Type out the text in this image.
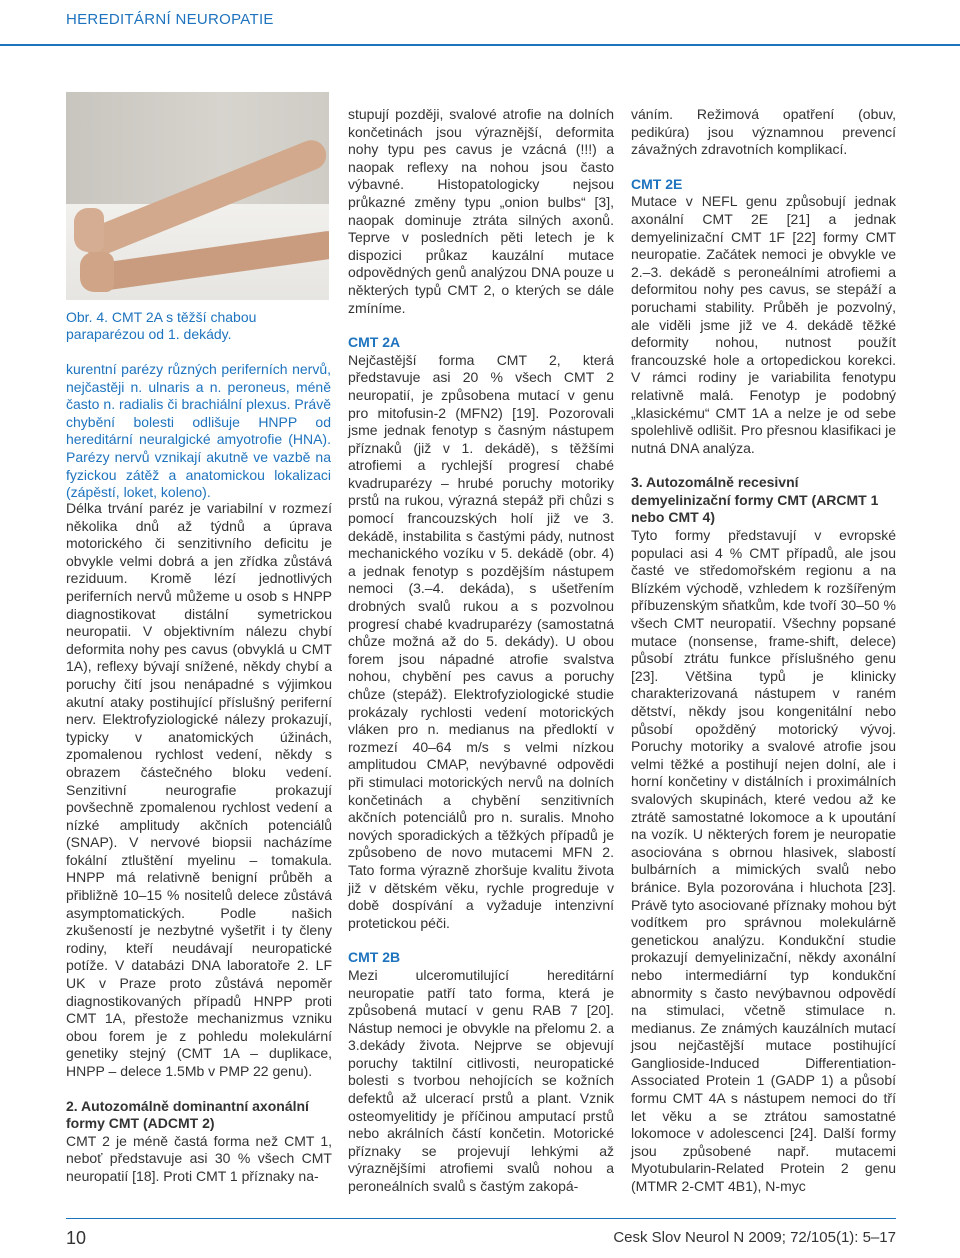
HEREDITÁRNÍ NEUROPATIE
Obr. 4. CMT 2A s těžší chabou paraparézou od 1. dekády.

kurentní parézy různých periferních nervů, nejčastěji n. ulnaris a n. peroneus, méně často n. radialis či brachiální plexus. Právě chybění bolesti odlišuje HNPP od hereditární neuralgické amyotrofie (HNA). Parézy nervů vznikají akutně ve vazbě na fyzickou zátěž a anatomickou lokalizaci (zápěstí, loket, koleno).

Délka trvání paréz je variabilní v rozmezí několika dnů až týdnů a úprava motorického či senzitivního deficitu je obvykle velmi dobrá a jen zřídka zůstává reziduum. Kromě lézí jednotlivých periferních nervů můžeme u osob s HNPP diagnostikovat distální symetrickou neuropatii. V objektivním nálezu chybí deformita nohy pes cavus (obvyklá u CMT 1A), reflexy bývají snížené, někdy chybí a poruchy čití jsou nenápadné s výjimkou akutní ataky postihující příslušný periferní nerv. Elektrofyziologické nálezy prokazují, typicky v anatomických úžinách, zpomalenou rychlost vedení, někdy s obrazem částečného bloku vedení. Senzitivní neurografie prokazují povšechně zpomalenou rychlost vedení a nízké amplitudy akčních potenciálů (SNAP). V nervové biopsii nacházíme fokální ztluštění myelinu – tomakula. HNPP má relativně benigní průběh a přibližně 10–15 % nositelů delece zůstává asymptomatických. Podle našich zkušeností je nezbytné vyšetřit i ty členy rodiny, kteří neudávají neuropatické potíže. V databázi DNA laboratoře 2. LF UK v Praze proto zůstává nepoměr diagnostikovaných případů HNPP proti CMT 1A, přestože mechanizmus vzniku obou forem je z pohledu molekulární genetiky stejný (CMT 1A – duplikace, HNPP – delece 1.5Mb v PMP 22 genu).

2. Autozomálně dominantní axonální formy CMT (ADCMT 2)

CMT 2 je méně častá forma než CMT 1, neboť představuje asi 30 % všech CMT neuropatií [18]. Proti CMT 1 příznaky na-

stupují později, svalové atrofie na dolních končetinách jsou výraznější, deformita nohy typu pes cavus je vzácná (!!!) a naopak reflexy na nohou jsou často výbavné. Histopatologicky nejsou průkazné změny typu „onion bulbs“ [3], naopak dominuje ztráta silných axonů. Teprve v posledních pěti letech je k dispozici průkaz kauzální mutace odpovědných genů analýzou DNA pouze u některých typů CMT 2, o kterých se dále zmíníme.

CMT 2A

Nejčastější forma CMT 2, která představuje asi 20 % všech CMT 2 neuropatií, je způsobena mutací v genu pro mitofusin-2 (MFN2) [19]. Pozorovali jsme jednak fenotyp s časným nástupem příznaků (již v 1. dekádě), s těžšími atrofiemi a rychlejší progresí chabé kvadruparézy – hrubé poruchy motoriky prstů na rukou, výrazná stepáž při chůzi s pomocí francouzských holí již ve 3. dekádě, instabilita s častými pády, nutnost mechanického vozíku v 5. dekádě (obr. 4) a jednak fenotyp s pozdějším nástupem nemoci (3.–4. dekáda), s ušetřením drobných svalů rukou a s pozvolnou progresí chabé kvadruparézy (samostatná chůze možná až do 5. dekády). U obou forem jsou nápadné atrofie svalstva nohou, chybění pes cavus a poruchy chůze (stepáž). Elektrofyziologické studie prokázaly rychlosti vedení motorických vláken pro n. medianus na předloktí v rozmezí 40–64 m/s s velmi nízkou amplitudou CMAP, nevýbavné odpovědi při stimulaci motorických nervů na dolních končetinách a chybění senzitivních akčních potenciálů pro n. suralis. Mnoho nových sporadických a těžkých případů je způsobeno de novo mutacemi MFN 2. Tato forma výrazně zhoršuje kvalitu života již v dětském věku, rychle progreduje v době dospívání a vyžaduje intenzivní protetickou péči.

CMT 2B

Mezi ulceromutilující hereditární neuropatie patří tato forma, která je způsobená mutací v genu RAB 7 [20]. Nástup nemoci je obvykle na přelomu 2. a 3.dekády života. Nejprve se objevují poruchy taktilní citlivosti, neuropatické bolesti s tvorbou nehojících se kožních defektů až ulcerací prstů a plant. Vznik osteomyelitidy je příčinou amputací prstů nebo akrálních částí končetin. Motorické příznaky se projevují lehkými až výraznějšími atrofiemi svalů nohou a peroneálních svalů s častým zakopá-

váním. Režimová opatření (obuv, pedikúra) jsou významnou prevencí závažných zdravotních komplikací.

CMT 2E

Mutace v NEFL genu způsobují jednak axonální CMT 2E [21] a jednak demyelinizační CMT 1F [22] formy CMT neuropatie. Začátek nemoci je obvykle ve 2.–3. dekádě s peroneálními atrofiemi a deformitou nohy pes cavus, se stepáží a poruchami stability. Průběh je pozvolný, ale viděli jsme již ve 4. dekádě těžké deformity nohou, nutnost použít francouzské hole a ortopedickou korekci. V rámci rodiny je variabilita fenotypu relativně malá. Fenotyp je podobný „klasickému“ CMT 1A a nelze je od sebe spolehlivě odlišit. Pro přesnou klasifikaci je nutná DNA analýza.

3. Autozomálně recesivní demyelinizační formy CMT (ARCMT 1 nebo CMT 4)

Tyto formy představují v evropské populaci asi 4 % CMT případů, ale jsou časté ve středomořském regionu a na Blízkém východě, vzhledem k rozšířeným příbuzenským sňatkům, kde tvoří 30–50 % všech CMT neuropatií. Všechny popsané mutace (nonsense, frame-shift, delece) působí ztrátu funkce příslušného genu [23]. Většina typů je klinicky charakterizovaná nástupem v raném dětství, někdy jsou kongenitální nebo působí opožděný motorický vývoj. Poruchy motoriky a svalové atrofie jsou velmi těžké a postihují nejen dolní, ale i horní končetiny v distálních i proximálních svalových skupinách, které vedou až ke ztrátě samostatné lokomoce a k upoutání na vozík. U některých forem je neuropatie asociována s obrnou hlasivek, slabostí bulbárních a mimických svalů nebo bránice. Byla pozorována i hluchota [23]. Právě tyto asociované příznaky mohou být vodítkem pro správnou molekulárně genetickou analýzu. Kondukční studie prokazují demyelinizační, někdy axonální nebo intermediární typ kondukční abnormity s často nevýbavnou odpovědí na stimulaci, včetně stimulace n. medianus. Ze známých kauzálních mutací jsou nejčastější mutace postihující Ganglioside-Induced Differentiation-Associated Protein 1 (GADP 1) a působí formu CMT 4A s nástupem nemoci do tří let věku a se ztrátou samostatné lokomoce v adolescenci [24]. Další formy jsou způsobené např. mutacemi Myotubularin-Related Protein 2 genu (MTMR 2-CMT 4B1), N-myc

10	Cesk Slov Neurol N 2009; 72/105(1): 5–17
